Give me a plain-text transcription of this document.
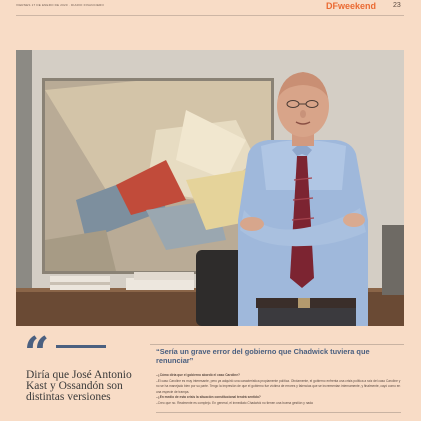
VIERNES 17 DE ENERO DE 2020 · DIARIO FINANCIERO	DFweekend 23
“
Diría que José Antonio Kast y Ossandón son distintas versiones
“Sería un grave error del gobierno que Chadwick tuviera que renunciar”

–¿Cómo diría que el gobierno abordó el caso Caroline?

–El caso Caroline es muy interesante, pero ya adquirió una característica propiamente política. Obviamente, el gobierno enfrenta una crisis política a raíz del caso Caroline y no se ha manejado bien por su parte. Tengo la impresión de que el gobierno fue víctima de errores y falencias que se incrementan internamente, y finalmente, cayó como en una especie de trampa.

–¿En medio de esta crisis la situación constitucional tendrá sentido?

–Creo que no. Realmente es complejo. En general, el inmediato Chadwick no tienen una buena gestión y nada
